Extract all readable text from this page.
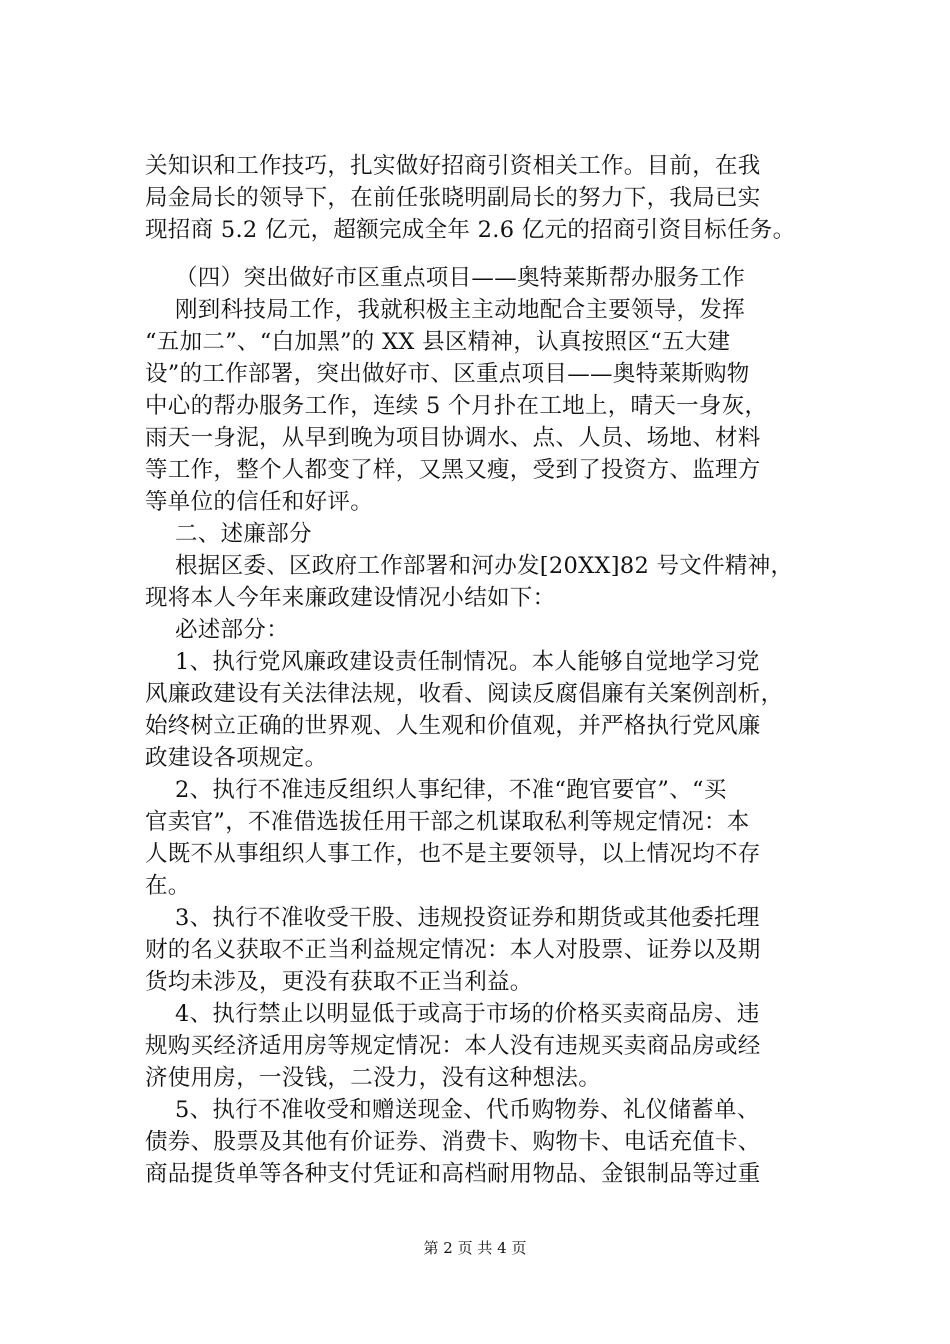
关知识和工作技巧，扎实做好招商引资相关工作。目前，在我
局金局长的领导下，在前任张晓明副局长的努力下，我局已实
现招商 5.2 亿元，超额完成全年 2.6 亿元的招商引资目标任务。
（四）突出做好市区重点项目——奥特莱斯帮办服务工作
刚到科技局工作，我就积极主主动地配合主要领导，发挥
“五加二”、“白加黑”的 XX 县区精神，认真按照区“五大建
设”的工作部署，突出做好市、区重点项目——奥特莱斯购物
中心的帮办服务工作，连续 5 个月扑在工地上，晴天一身灰，
雨天一身泥，从早到晚为项目协调水、点、人员、场地、材料
等工作，整个人都变了样，又黑又瘦，受到了投资方、监理方
等单位的信任和好评。
二、述廉部分
根据区委、区政府工作部署和河办发[20XX]82 号文件精神，
现将本人今年来廉政建设情况小结如下：
必述部分：
1、执行党风廉政建设责任制情况。本人能够自觉地学习党
风廉政建设有关法律法规，收看、阅读反腐倡廉有关案例剖析，
始终树立正确的世界观、人生观和价值观，并严格执行党风廉
政建设各项规定。
2、执行不准违反组织人事纪律，不准“跑官要官”、“买
官卖官”，不准借选拔任用干部之机谋取私利等规定情况：本
人既不从事组织人事工作，也不是主要领导，以上情况均不存
在。
3、执行不准收受干股、违规投资证券和期货或其他委托理
财的名义获取不正当利益规定情况：本人对股票、证券以及期
货均未涉及，更没有获取不正当利益。
4、执行禁止以明显低于或高于市场的价格买卖商品房、违
规购买经济适用房等规定情况：本人没有违规买卖商品房或经
济使用房，一没钱，二没力，没有这种想法。
5、执行不准收受和赠送现金、代币购物券、礼仪储蓄单、
债券、股票及其他有价证券、消费卡、购物卡、电话充值卡、
商品提货单等各种支付凭证和高档耐用物品、金银制品等过重
第 2 页 共 4 页
